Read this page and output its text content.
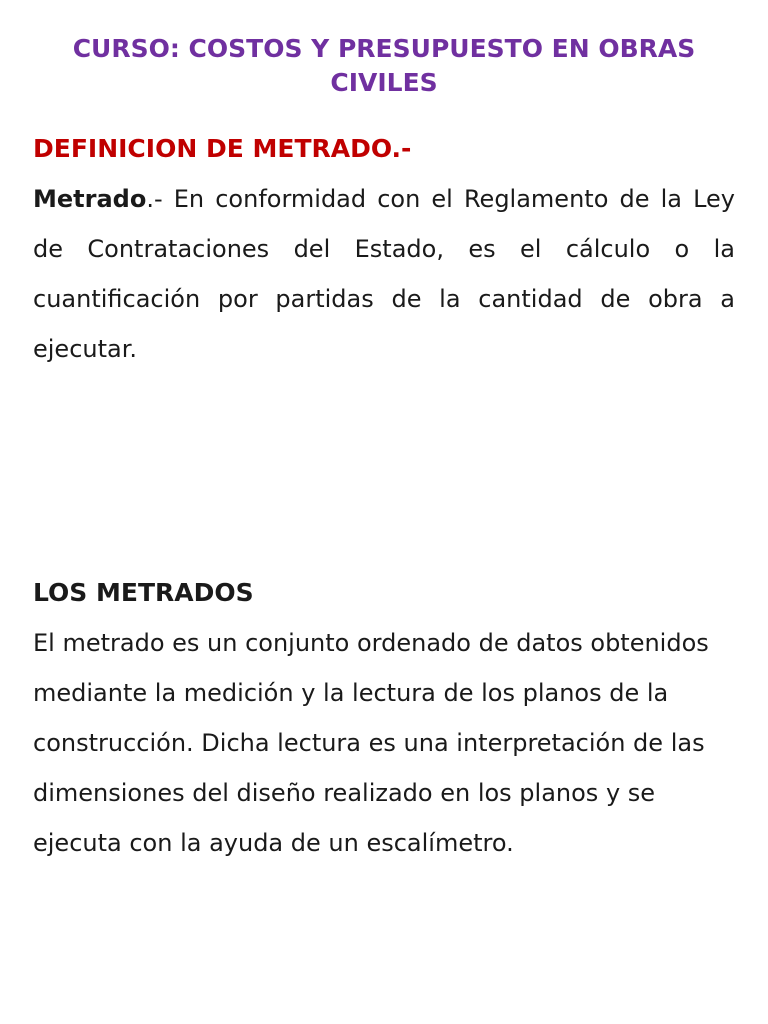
CURSO: COSTOS Y PRESUPUESTO EN OBRAS CIVILES
DEFINICION DE METRADO.-

Metrado.- En conformidad con el Reglamento de la Ley de Contrataciones del Estado, es el cálculo o la cuantificación por partidas de la cantidad de obra a ejecutar.

LOS METRADOS

El metrado es un conjunto ordenado de datos obtenidos mediante la medición y la lectura de los planos de la construcción. Dicha lectura es una interpretación de las dimensiones del diseño realizado en los planos y se ejecuta con la ayuda de un escalímetro.
